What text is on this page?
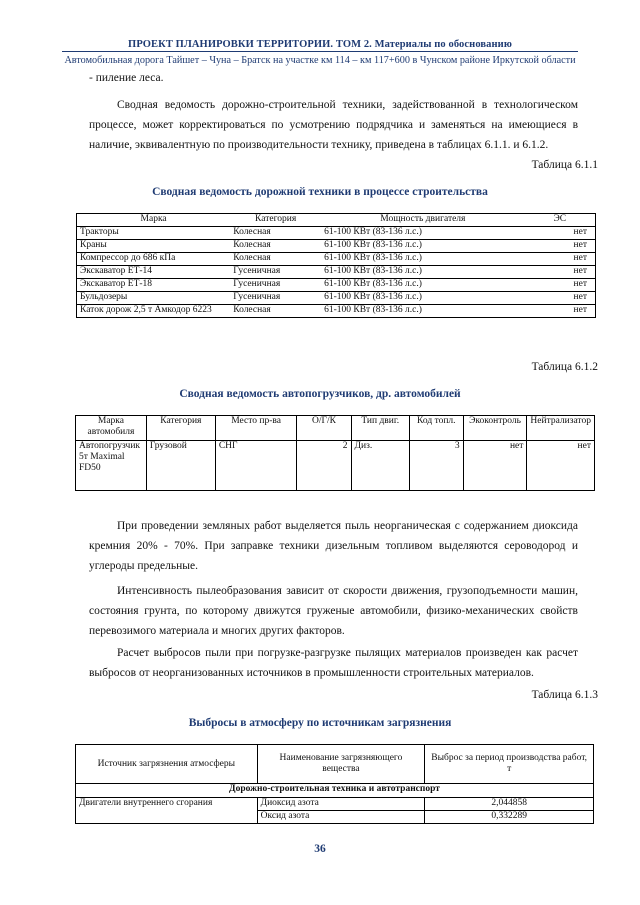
ПРОЕКТ ПЛАНИРОВКИ ТЕРРИТОРИИ. ТОМ 2. Материалы по обоснованию
Автомобильная дорога Тайшет – Чуна – Братск на участке км 114 – км 117+600 в Чунском районе Иркутской области
- пиление леса.
Сводная ведомость дорожно-строительной техники, задействованной в технологическом процессе, может корректироваться по усмотрению подрядчика и заменяться на имеющиеся в наличие, эквивалентную по производительности технику, приведена в таблицах 6.1.1. и 6.1.2.
Таблица 6.1.1
Сводная ведомость дорожной техники в процессе строительства
Марка	Категория	Мощность двигателя	ЭС
Тракторы	Колесная	61-100 КВт (83-136 л.с.)	нет
Краны	Колесная	61-100 КВт (83-136 л.с.)	нет
Компрессор до 686 кПа	Колесная	61-100 КВт (83-136 л.с.)	нет
Экскаватор ЕТ-14	Гусеничная	61-100 КВт (83-136 л.с.)	нет
Экскаватор ЕТ-18	Гусеничная	61-100 КВт (83-136 л.с.)	нет
Бульдозеры	Гусеничная	61-100 КВт (83-136 л.с.)	нет
Каток дорож 2,5 т Амкодор 6223	Колесная	61-100 КВт (83-136 л.с.)	нет
Таблица 6.1.2
Сводная ведомость автопогрузчиков, др. автомобилей
Марка автомобиля	Категория	Место пр-ва	О/Г/К	Тип двиг.	Код топл.	Экоконтроль	Нейтрализатор
Автопогрузчик 5т Maximal FD50	Грузовой	СНГ	2	Диз.	3	нет	нет
При проведении земляных работ выделяется пыль неорганическая с содержанием диоксида кремния 20% - 70%. При заправке техники дизельным топливом выделяются сероводород и углероды предельные.
Интенсивность пылеобразования зависит от скорости движения, грузоподъемности машин, состояния грунта, по которому движутся груженые автомобили, физико-механических свойств перевозимого материала и многих других факторов.
Расчет выбросов пыли при погрузке-разгрузке пылящих материалов произведен как расчет выбросов от неорганизованных источников в промышленности строительных материалов.
Таблица 6.1.3
Выбросы в атмосферу по источникам загрязнения
Источник загрязнения атмосферы	Наименование загрязняющего вещества	Выброс за период производства работ, т
Дорожно-строительная техника и автотранспорт		
Двигатели внутреннего сгорания	Диоксид азота	2,044858
	Оксид азота	0,332289
36
